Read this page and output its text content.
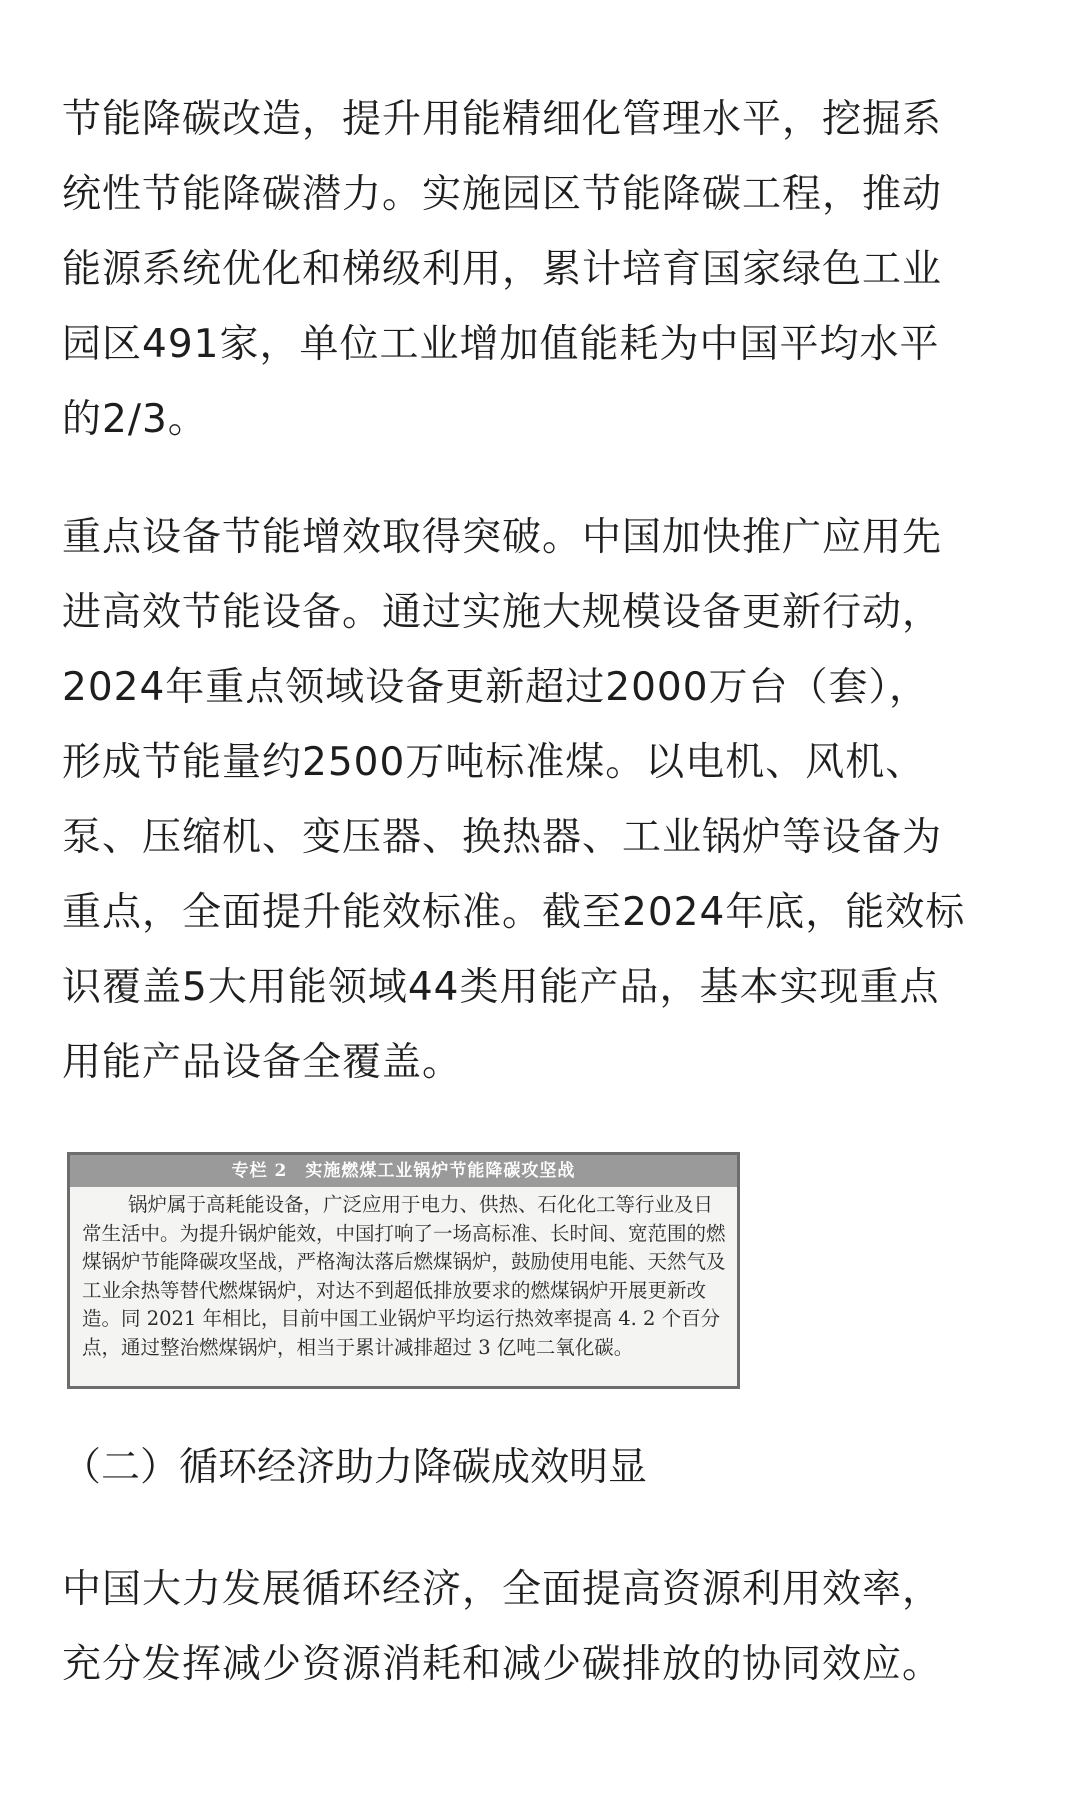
节能降碳改造，提升用能精细化管理水平，挖掘系
统性节能降碳潜力。实施园区节能降碳工程，推动
能源系统优化和梯级利用，累计培育国家绿色工业
园区491家，单位工业增加值能耗为中国平均水平
的2/3。

重点设备节能增效取得突破。中国加快推广应用先
进高效节能设备。通过实施大规模设备更新行动，
2024年重点领域设备更新超过2000万台（套），
形成节能量约2500万吨标准煤。以电机、风机、
泵、压缩机、变压器、换热器、工业锅炉等设备为
重点，全面提升能效标准。截至2024年底，能效标
识覆盖5大用能领域44类用能产品，基本实现重点
用能产品设备全覆盖。

专栏 2　实施燃煤工业锅炉节能降碳攻坚战
锅炉属于高耗能设备，广泛应用于电力、供热、石化化工等行业及日
常生活中。为提升锅炉能效，中国打响了一场高标准、长时间、宽范围的燃
煤锅炉节能降碳攻坚战，严格淘汰落后燃煤锅炉，鼓励使用电能、天然气及
工业余热等替代燃煤锅炉，对达不到超低排放要求的燃煤锅炉开展更新改
造。同 2021 年相比，目前中国工业锅炉平均运行热效率提高 4. 2 个百分
点，通过整治燃煤锅炉，相当于累计减排超过 3 亿吨二氧化碳。
（二）循环经济助力降碳成效明显

中国大力发展循环经济，全面提高资源利用效率，
充分发挥减少资源消耗和减少碳排放的协同效应。
